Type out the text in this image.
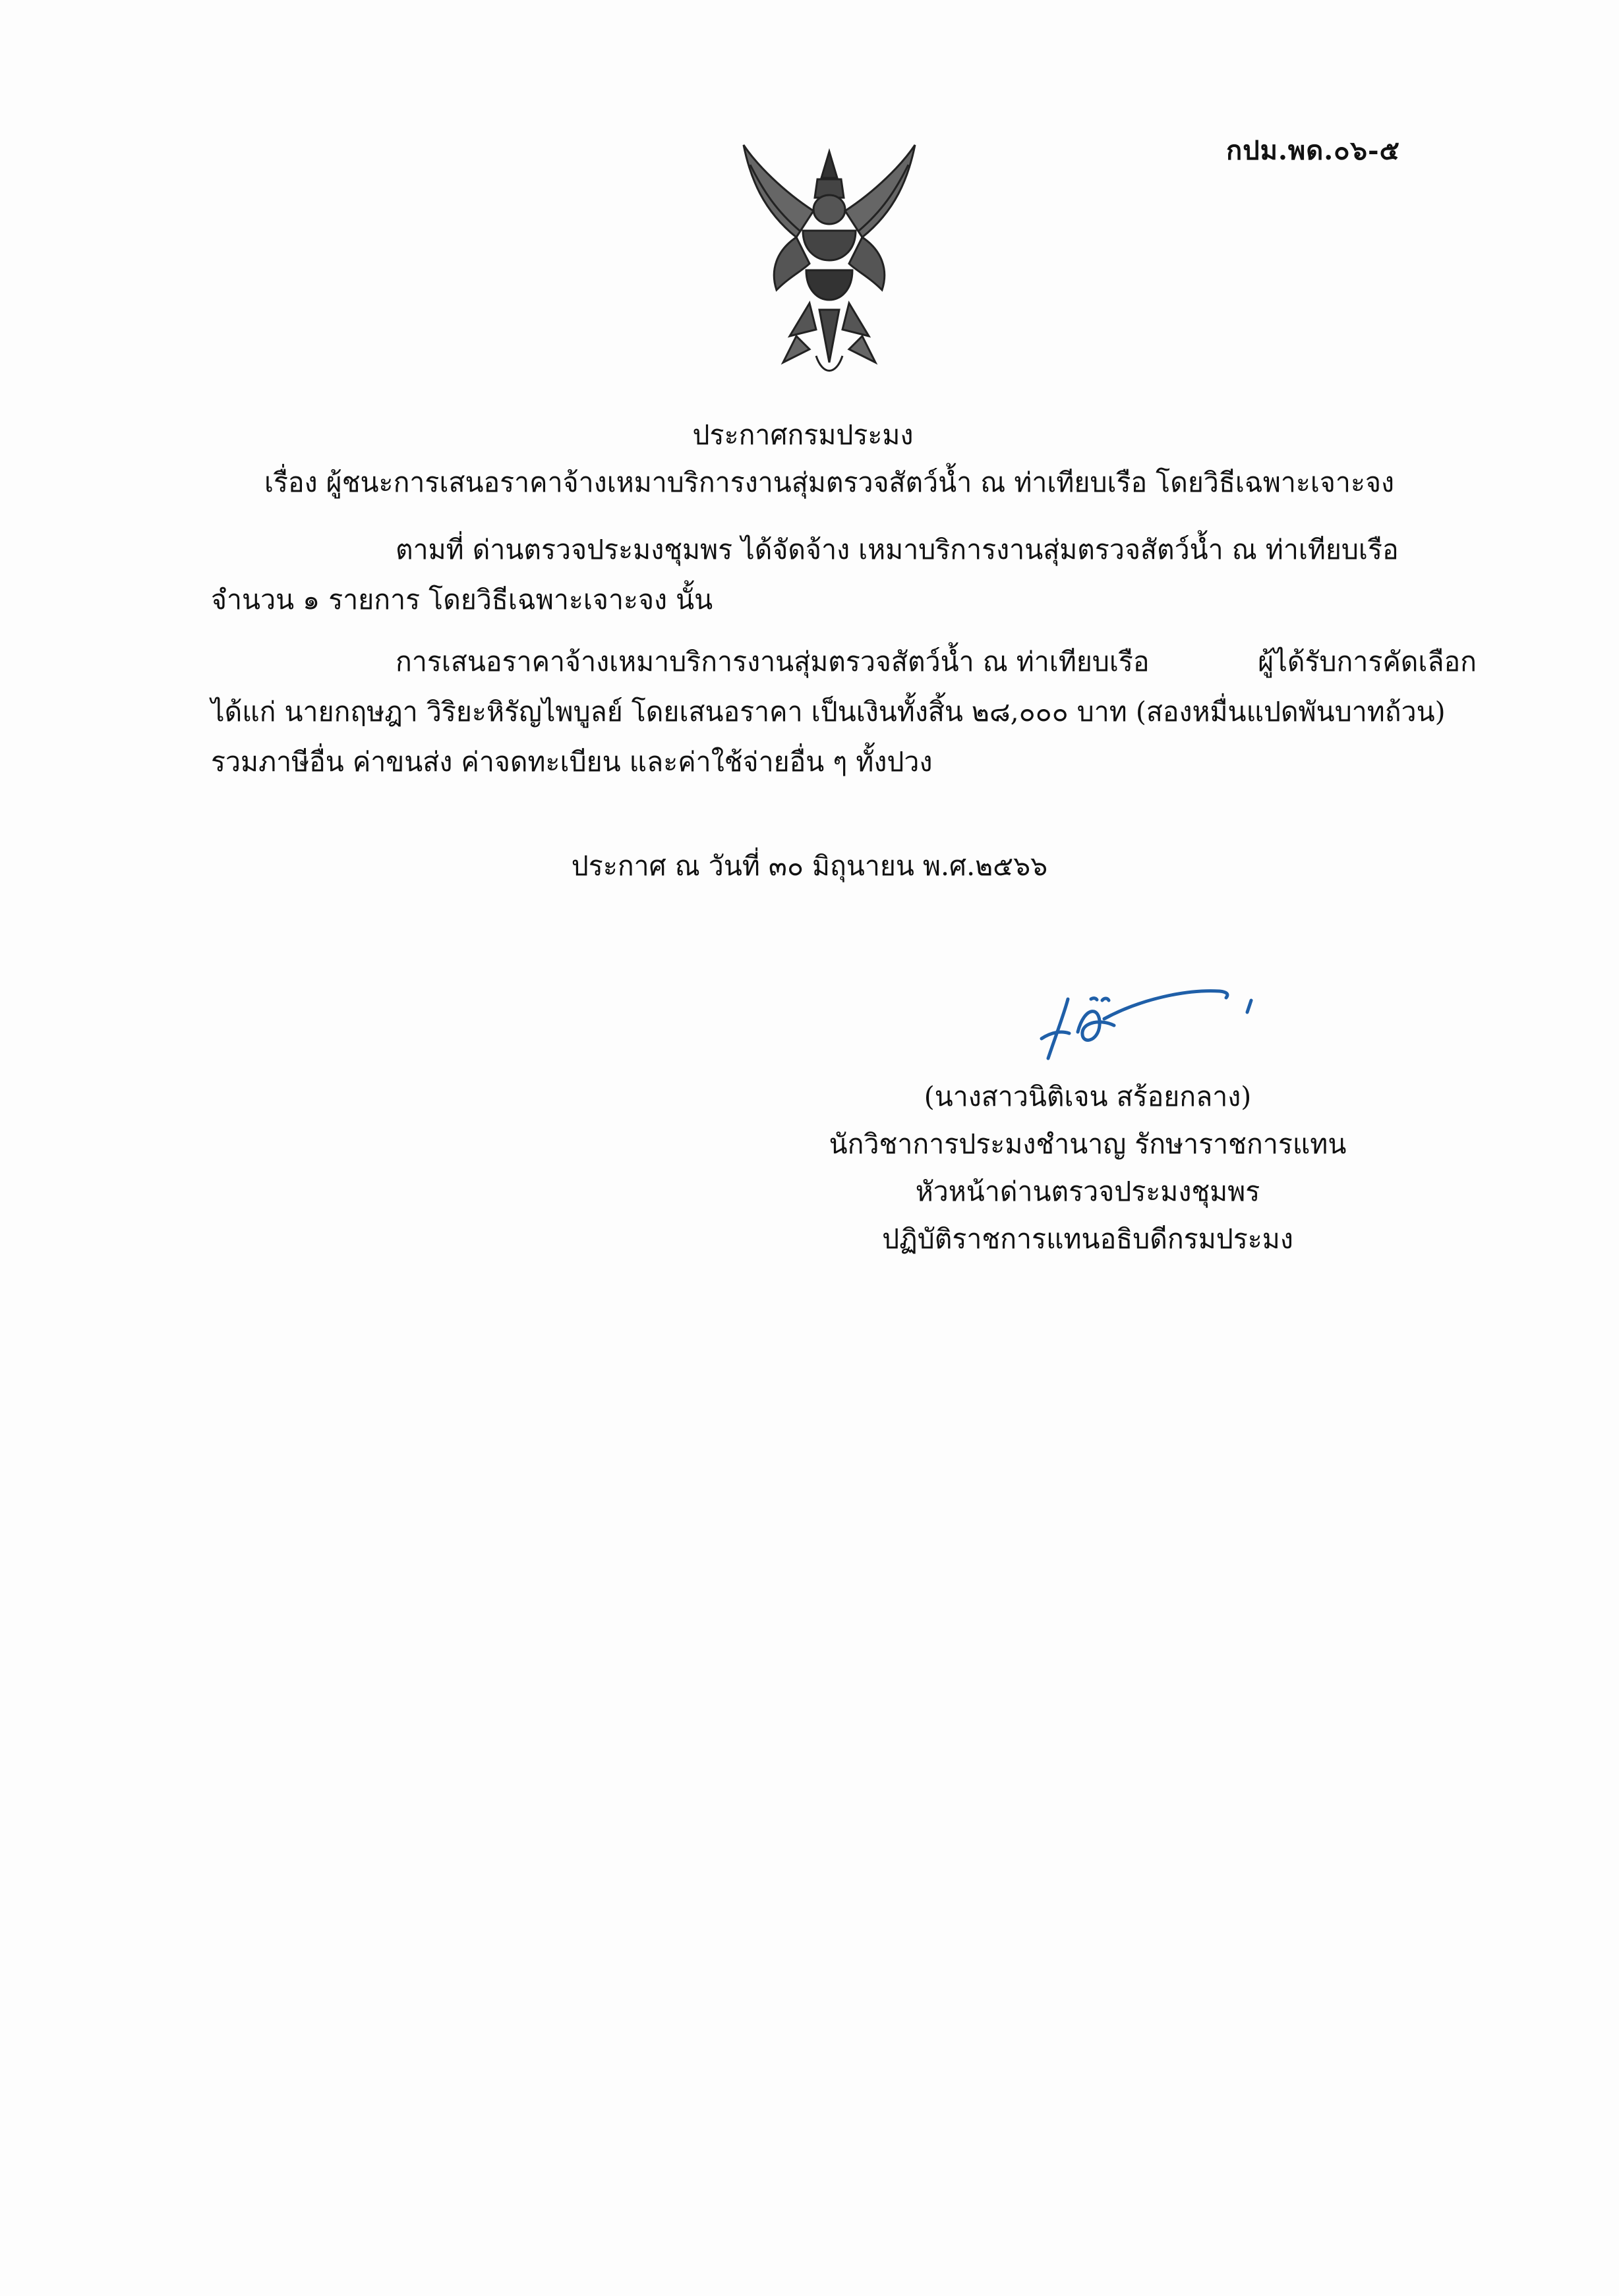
กปม.พด.๐๖-๕
ประกาศกรมประมง
เรื่อง ผู้ชนะการเสนอราคาจ้างเหมาบริการงานสุ่มตรวจสัตว์น้ำ ณ ท่าเทียบเรือ โดยวิธีเฉพาะเจาะจง
ตามที่ ด่านตรวจประมงชุมพร ได้จัดจ้าง เหมาบริการงานสุ่มตรวจสัตว์น้ำ ณ ท่าเทียบเรือ
จำนวน ๑ รายการ โดยวิธีเฉพาะเจาะจง นั้น
การเสนอราคาจ้างเหมาบริการงานสุ่มตรวจสัตว์น้ำ ณ ท่าเทียบเรือ	ผู้ได้รับการคัดเลือก
ได้แก่ นายกฤษฎา วิริยะหิรัญไพบูลย์ โดยเสนอราคา เป็นเงินทั้งสิ้น ๒๘,๐๐๐ บาท (สองหมื่นแปดพันบาทถ้วน)
รวมภาษีอื่น ค่าขนส่ง ค่าจดทะเบียน และค่าใช้จ่ายอื่น ๆ ทั้งปวง
ประกาศ ณ วันที่ ๓๐ มิถุนายน พ.ศ.๒๕๖๖
(นางสาวนิติเจน สร้อยกลาง)
นักวิชาการประมงชำนาญ รักษาราชการแทน
หัวหน้าด่านตรวจประมงชุมพร
ปฏิบัติราชการแทนอธิบดีกรมประมง
